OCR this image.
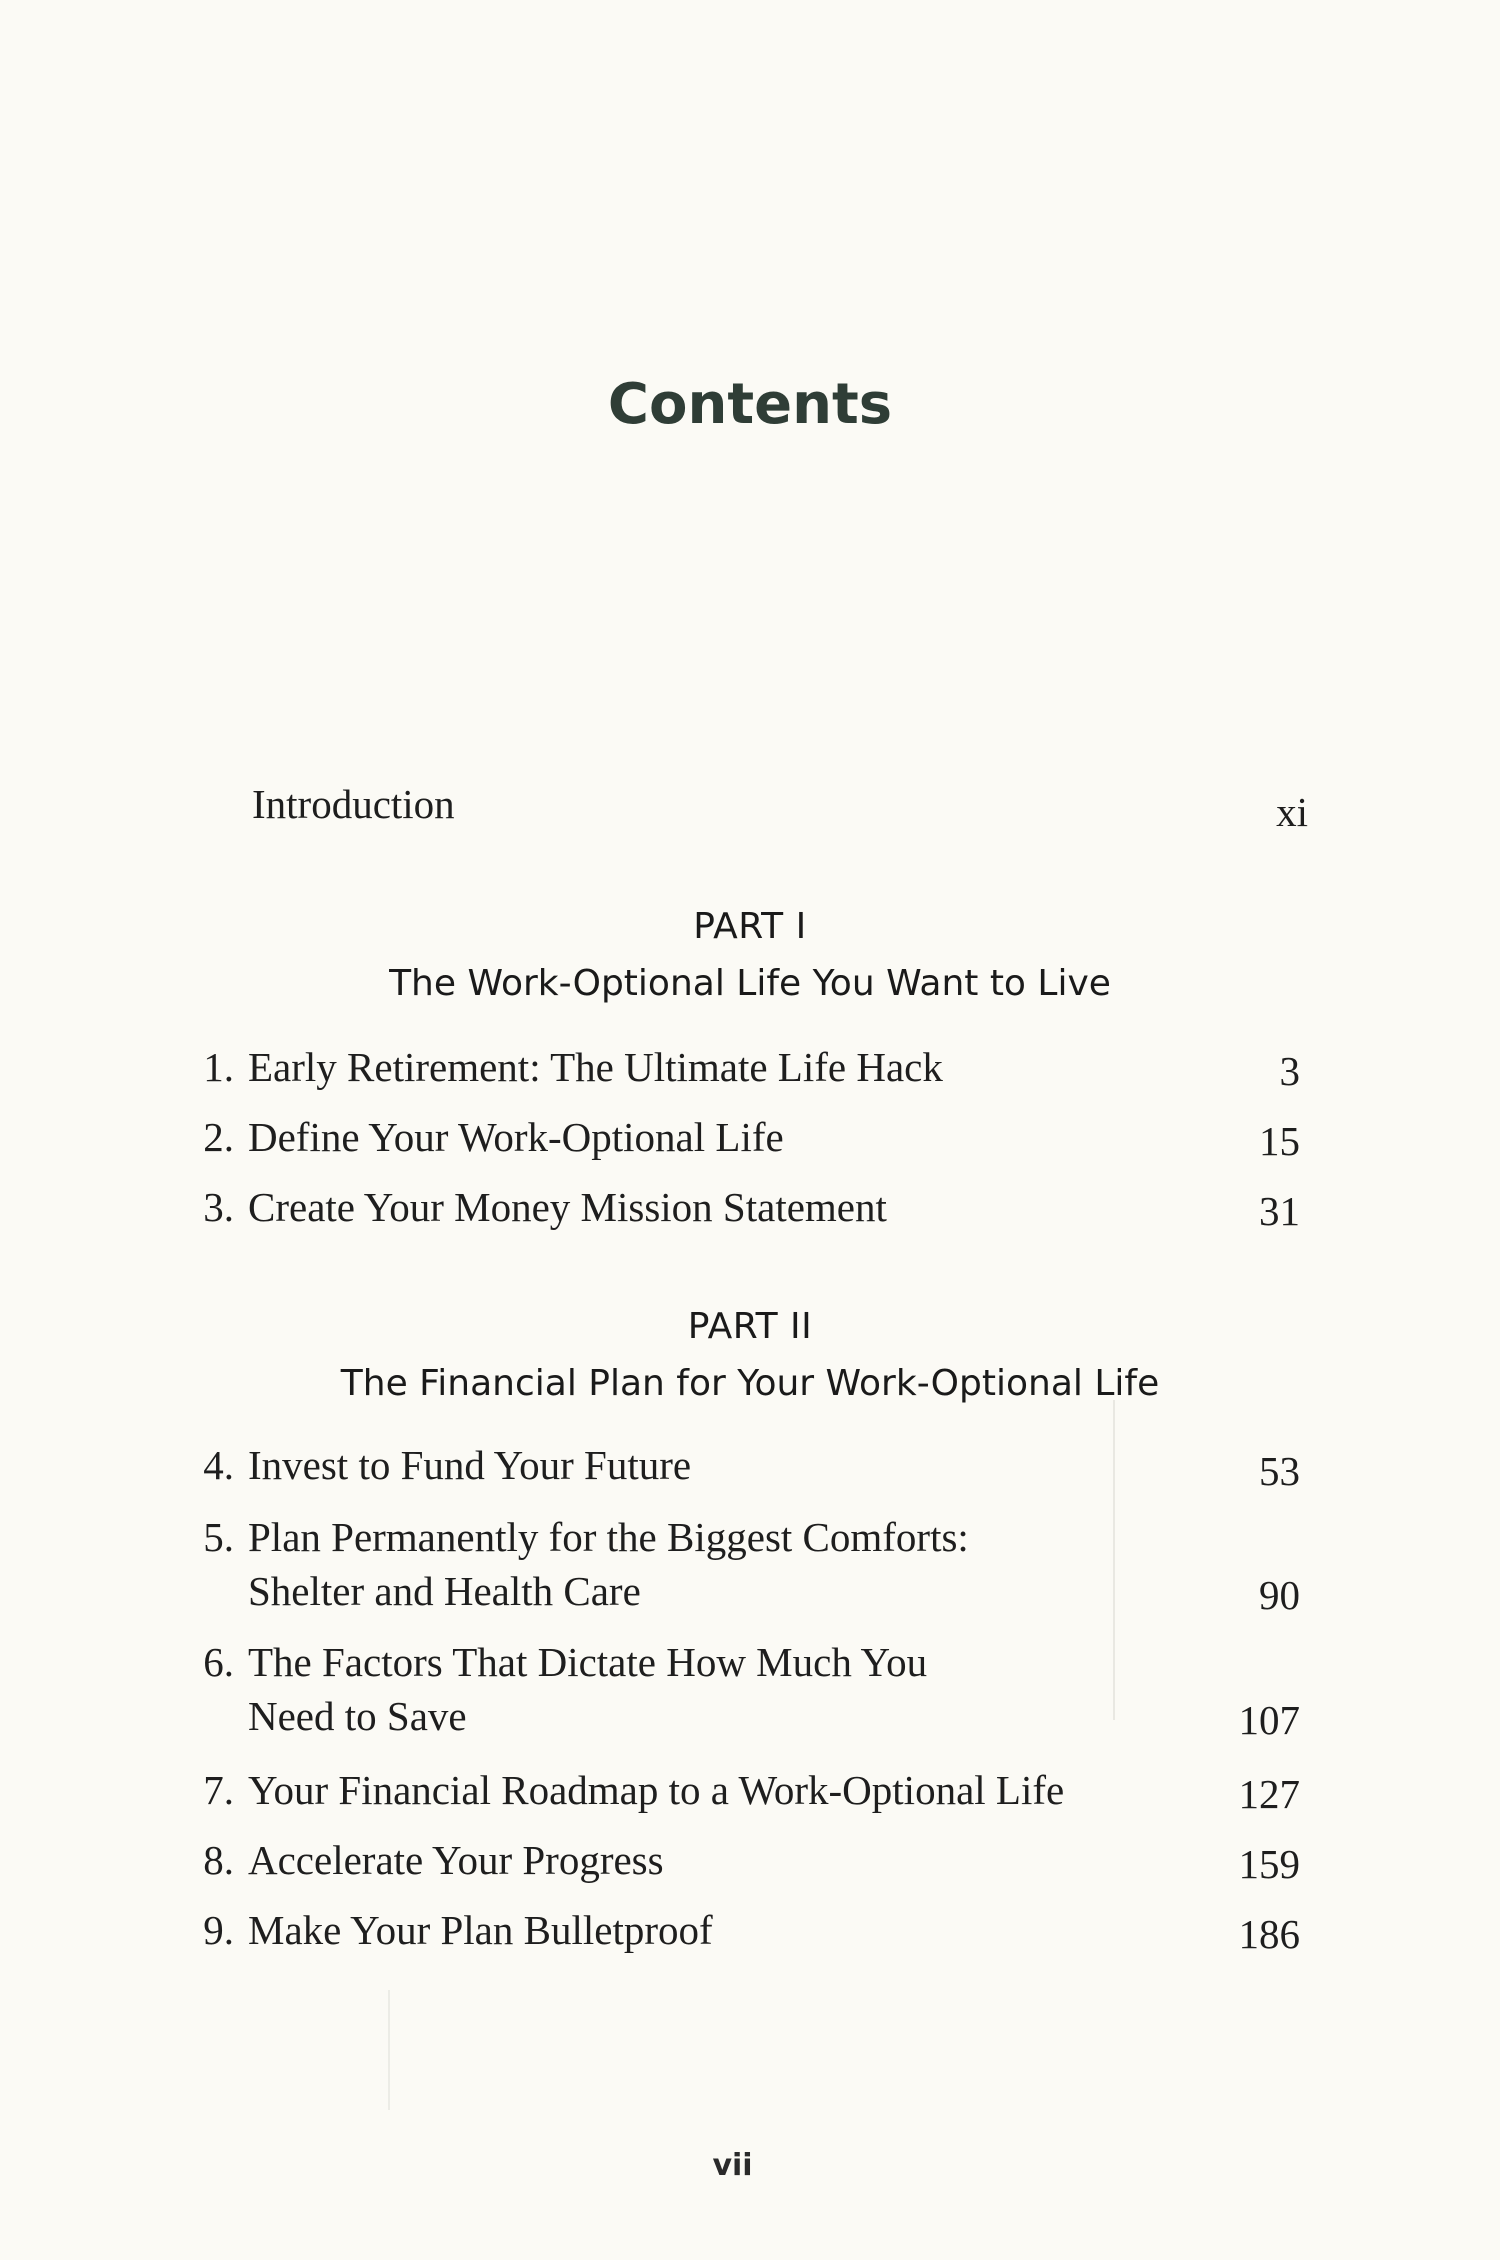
Contents
Introduction	xi
PART I
The Work-Optional Life You Want to Live
1. Early Retirement: The Ultimate Life Hack	3
2. Define Your Work-Optional Life	15
3. Create Your Money Mission Statement	31
PART II
The Financial Plan for Your Work-Optional Life
4. Invest to Fund Your Future	53
5. Plan Permanently for the Biggest Comforts:
Shelter and Health Care	90
6. The Factors That Dictate How Much You
Need to Save	107
7. Your Financial Roadmap to a Work-Optional Life	127
8. Accelerate Your Progress	159
9. Make Your Plan Bulletproof	186
vii
